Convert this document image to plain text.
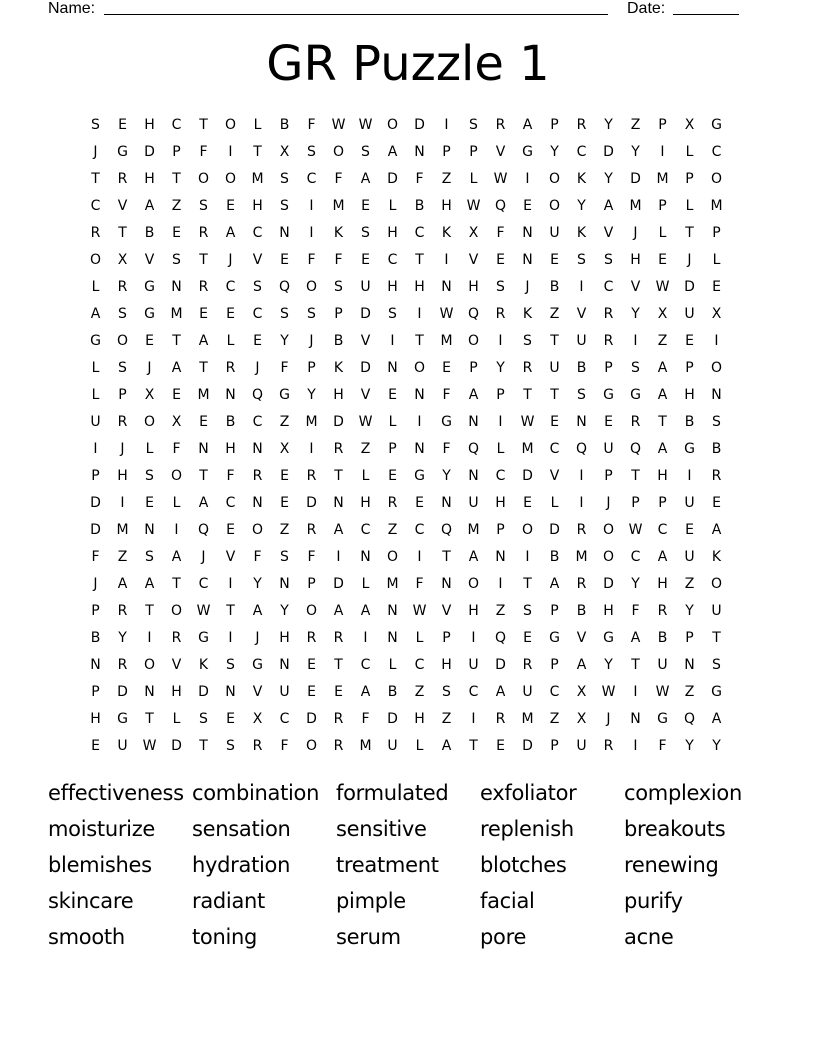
Name:	Date:
GR Puzzle 1
S	E	H	C	T	O	L	B	F	W W	O	D	I	S	R	A	P	R	Y	Z	P	X	G
J	G	D	P	F	I	T	X	S	O	S	A	N	P	P	V	G	Y	C	D	Y	I	L	C
T	R	H	T	O	O	M	S	C	F	A	D	F	Z	L	W	I	O	K	Y	D	M	P	O
C	V	A	Z	S	E	H	S	I	M	E	L	B	H	W	Q	E	O	Y	A	M	P	L	M
R	T	B	E	R	A	C	N	I	K	S	H	C	K	X	F	N	U	K	V	J	L	T	P
O	X	V	S	T	J	V	E	F	F	E	C	T	I	V	E	N	E	S	S	H	E	J	L
L	R	G	N	R	C	S	Q	O	S	U	H	H	N	H	S	J	B	I	C	V	W	D	E
A	S	G	M	E	E	C	S	S	P	D	S	I	W	Q	R	K	Z	V	R	Y	X	U	X
G	O	E	T	A	L	E	Y	J	B	V	I	T	M	O	I	S	T	U	R	I	Z	E	I
L	S	J	A	T	R	J	F	P	K	D	N	O	E	P	Y	R	U	B	P	S	A	P	O
L	P	X	E	M	N	Q	G	Y	H	V	E	N	F	A	P	T	T	S	G	G	A	H	N
U	R	O	X	E	B	C	Z	M	D	W	L	I	G	N	I	W	E	N	E	R	T	B	S
I	J	L	F	N	H	N	X	I	R	Z	P	N	F	Q	L	M	C	Q	U	Q	A	G	B
P	H	S	O	T	F	R	E	R	T	L	E	G	Y	N	C	D	V	I	P	T	H	I	R
D	I	E	L	A	C	N	E	D	N	H	R	E	N	U	H	E	L	I	J	P	P	U	E
D	M	N	I	Q	E	O	Z	R	A	C	Z	C	Q	M	P	O	D	R	O	W	C	E	A
F	Z	S	A	J	V	F	S	F	I	N	O	I	T	A	N	I	B	M	O	C	A	U	K
J	A	A	T	C	I	Y	N	P	D	L	M	F	N	O	I	T	A	R	D	Y	H	Z	O
P	R	T	O	W	T	A	Y	O	A	A	N	W	V	H	Z	S	P	B	H	F	R	Y	U
B	Y	I	R	G	I	J	H	R	R	I	N	L	P	I	Q	E	G	V	G	A	B	P	T
N	R	O	V	K	S	G	N	E	T	C	L	C	H	U	D	R	P	A	Y	T	U	N	S
P	D	N	H	D	N	V	U	E	E	A	B	Z	S	C	A	U	C	X	W	I	W	Z	G
H	G	T	L	S	E	X	C	D	R	F	D	H	Z	I	R	M	Z	X	J	N	G	Q	A
E	U	W	D	T	S	R	F	O	R	M	U	L	A	T	E	D	P	U	R	I	F	Y	Y
effectiveness combination formulated	exfoliator	complexion
moisturize	sensation	sensitive	replenish	breakouts
blemishes	hydration	treatment	blotches	renewing
skincare	radiant	pimple	facial	purify
smooth	toning	serum	pore	acne
